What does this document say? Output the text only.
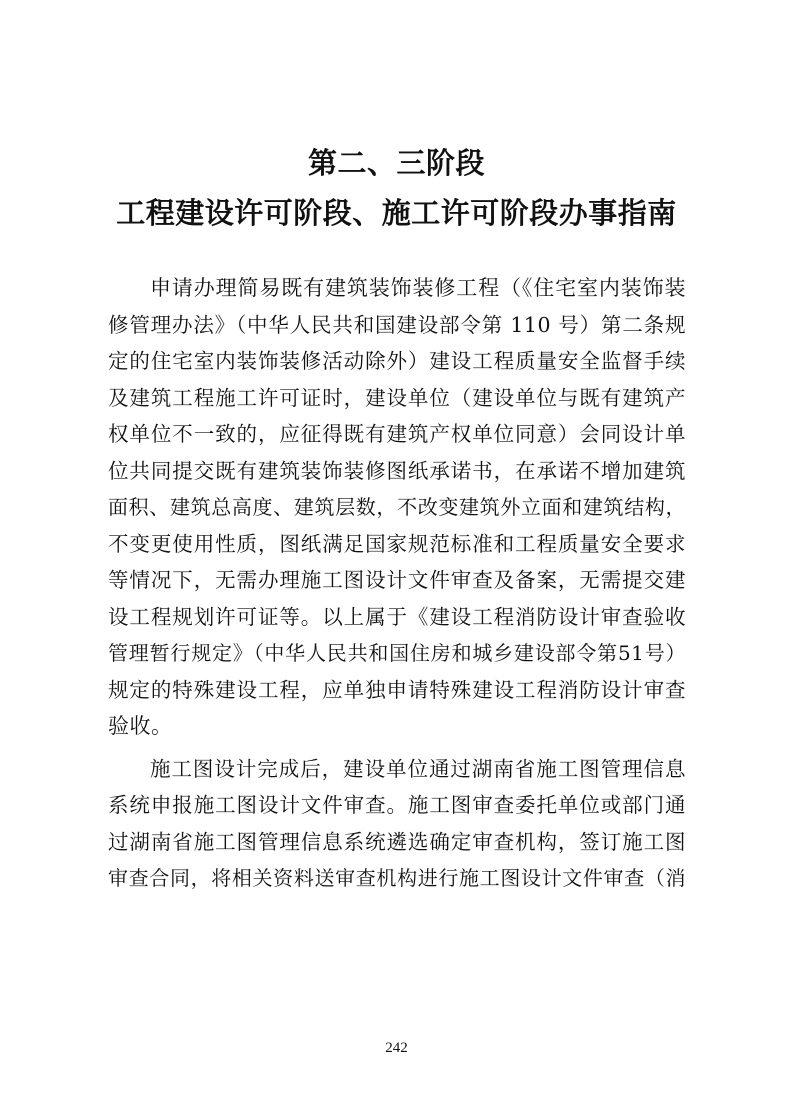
第二、三阶段
工程建设许可阶段、施工许可阶段办事指南
申请办理简易既有建筑装饰装修工程（《住宅室内装饰装
修管理办法》（中华人民共和国建设部令第 110 号）第二条规
定的住宅室内装饰装修活动除外）建设工程质量安全监督手续
及建筑工程施工许可证时，建设单位（建设单位与既有建筑产
权单位不一致的，应征得既有建筑产权单位同意）会同设计单
位共同提交既有建筑装饰装修图纸承诺书，在承诺不增加建筑
面积、建筑总高度、建筑层数，不改变建筑外立面和建筑结构，
不变更使用性质，图纸满足国家规范标准和工程质量安全要求
等情况下，无需办理施工图设计文件审查及备案，无需提交建
设工程规划许可证等。以上属于《建设工程消防设计审查验收
管理暂行规定》（中华人民共和国住房和城乡建设部令第51号）
规定的特殊建设工程，应单独申请特殊建设工程消防设计审查
验收。
施工图设计完成后，建设单位通过湖南省施工图管理信息
系统申报施工图设计文件审查。施工图审查委托单位或部门通
过湖南省施工图管理信息系统遴选确定审查机构，签订施工图
审查合同，将相关资料送审查机构进行施工图设计文件审查（消
242
